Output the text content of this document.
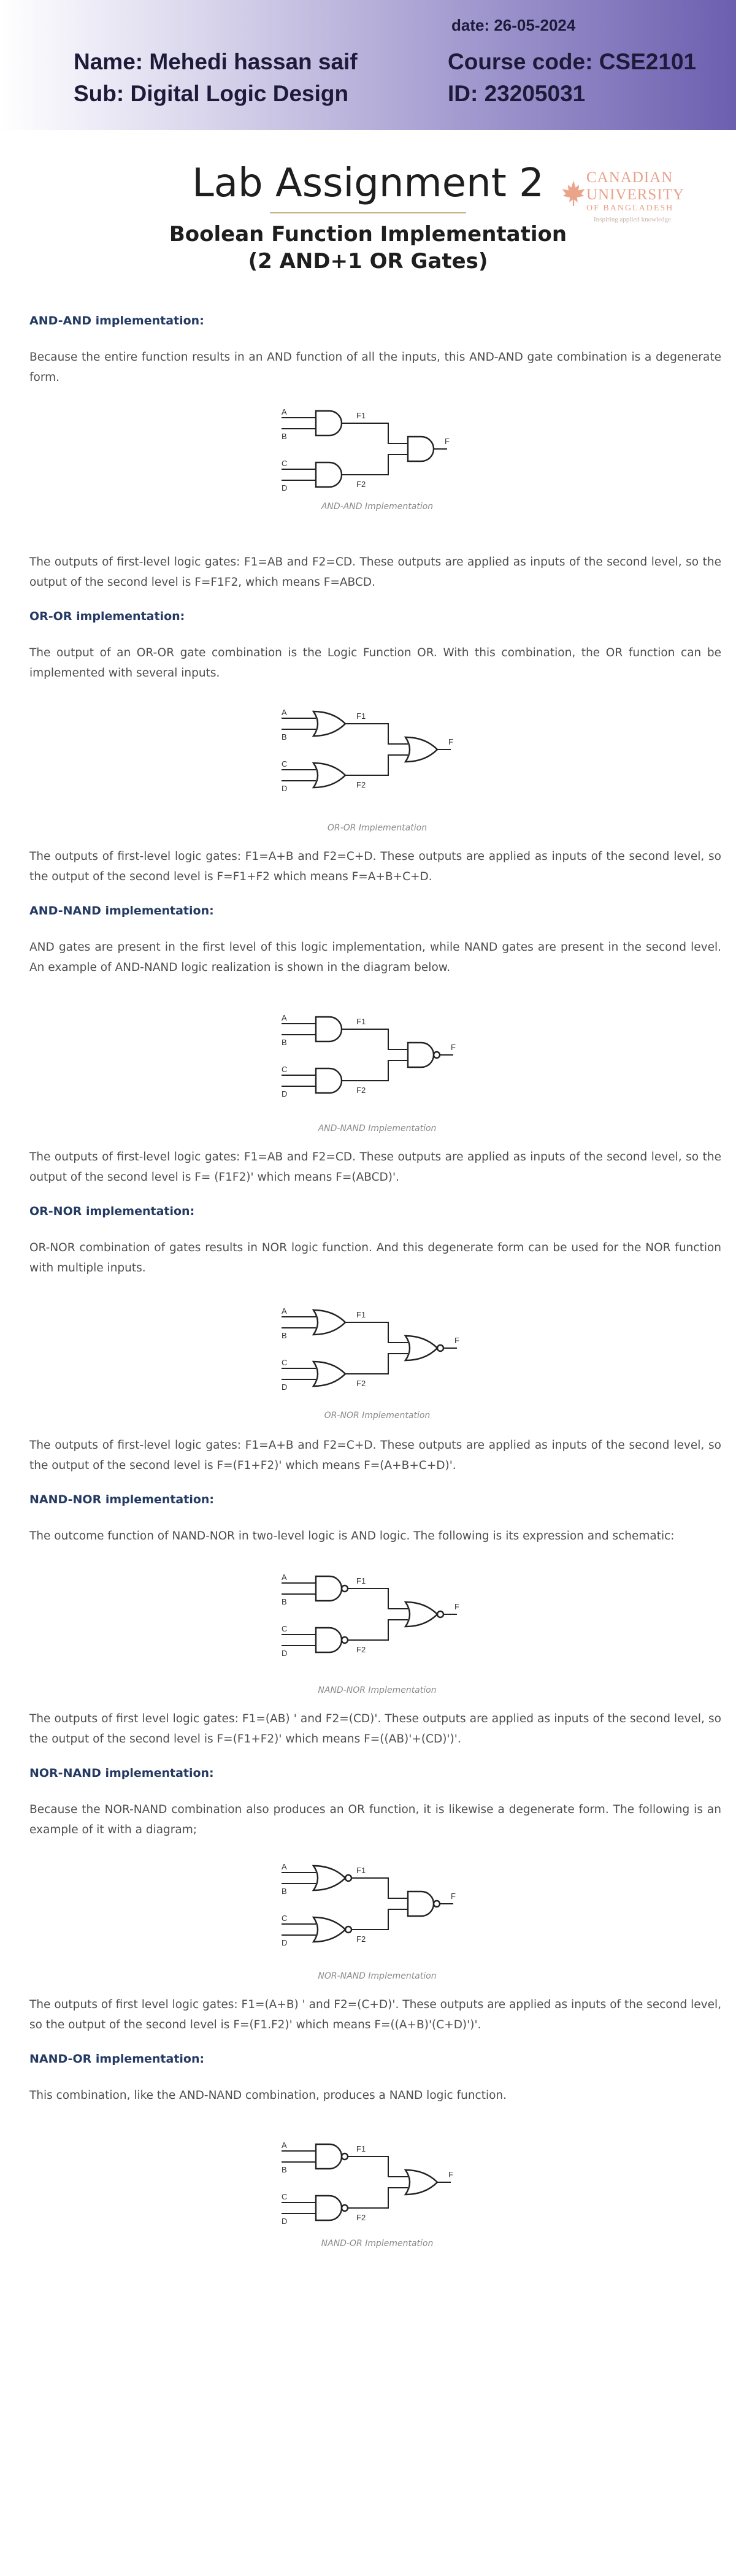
date: 26-05-2024
Name: Mehedi hassan saif
Sub: Digital Logic Design
Course code: CSE2101
ID: 23205031
Lab Assignment 2
Boolean Function Implementation
(2 AND+1 OR Gates)
CANADIAN
UNIVERSITY
OF BANGLADESH
Inspiring applied knowledge
AND-AND implementation:
Because the entire function results in an AND function of all the inputs, this AND-AND gate combination is a degenerate form.
A
B
C
D
F1
F2
F
AND-AND Implementation
The outputs of first-level logic gates: F1=AB and F2=CD. These outputs are applied as inputs of the second level, so the output of the second level is F=F1F2, which means F=ABCD.
OR-OR implementation:
The output of an OR-OR gate combination is the Logic Function OR. With this combination, the OR function can be implemented with several inputs.
A
B
C
D
F1
F2
F
OR-OR Implementation
The outputs of first-level logic gates: F1=A+B and F2=C+D. These outputs are applied as inputs of the second level, so the output of the second level is F=F1+F2 which means F=A+B+C+D.
AND-NAND implementation:
AND gates are present in the first level of this logic implementation, while NAND gates are present in the second level. An example of AND-NAND logic realization is shown in the diagram below.
A
B
C
D
F1
F2
F
AND-NAND Implementation
The outputs of first-level logic gates: F1=AB and F2=CD. These outputs are applied as inputs of the second level, so the output of the second level is F= (F1F2)' which means F=(ABCD)'.
OR-NOR implementation:
OR-NOR combination of gates results in NOR logic function. And this degenerate form can be used for the NOR function with multiple inputs.
A
B
C
D
F1
F2
F
OR-NOR Implementation
The outputs of first-level logic gates: F1=A+B and F2=C+D. These outputs are applied as inputs of the second level, so the output of the second level is F=(F1+F2)' which means F=(A+B+C+D)'.
NAND-NOR implementation:
The outcome function of NAND-NOR in two-level logic is AND logic. The following is its expression and schematic:
A
B
C
D
F1
F2
F
NAND-NOR Implementation
The outputs of first level logic gates: F1=(AB) ' and F2=(CD)'. These outputs are applied as inputs of the second level, so the output of the second level is F=(F1+F2)' which means F=((AB)'+(CD)')'.
NOR-NAND implementation:
Because the NOR-NAND combination also produces an OR function, it is likewise a degenerate form. The following is an example of it with a diagram;
A
B
C
D
F1
F2
F
NOR-NAND Implementation
The outputs of first level logic gates: F1=(A+B) ' and F2=(C+D)'. These outputs are applied as inputs of the second level, so the output of the second level is F=(F1.F2)' which means F=((A+B)'(C+D)')'.
NAND-OR implementation:
This combination, like the AND-NAND combination, produces a NAND logic function.
A
B
C
D
F1
F2
F
NAND-OR Implementation
